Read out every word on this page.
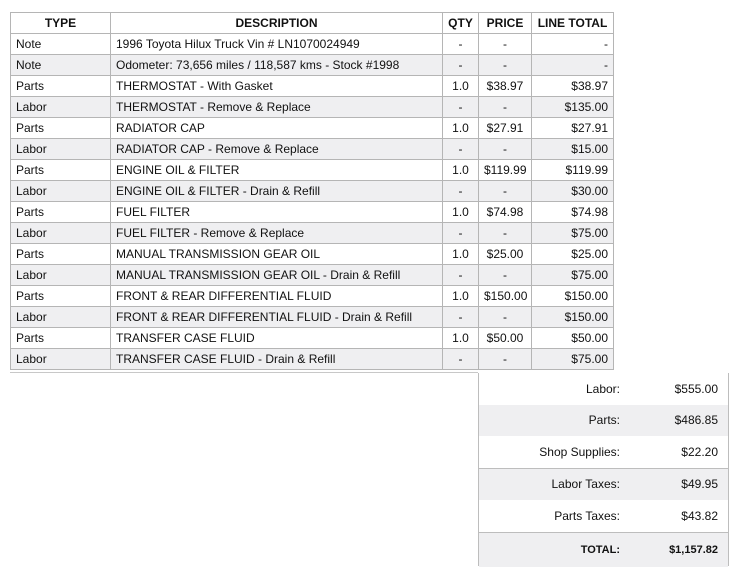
TYPE	DESCRIPTION	QTY	PRICE	LINE TOTAL
Note	1996 Toyota Hilux Truck Vin # LN1070024949	-	-	-
Note	Odometer: 73,656 miles / 118,587 kms - Stock #1998	-	-	-
Parts	THERMOSTAT - With Gasket	1.0	$38.97	$38.97
Labor	THERMOSTAT - Remove & Replace	-	-	$135.00
Parts	RADIATOR CAP	1.0	$27.91	$27.91
Labor	RADIATOR CAP - Remove & Replace	-	-	$15.00
Parts	ENGINE OIL & FILTER	1.0	$119.99	$119.99
Labor	ENGINE OIL & FILTER - Drain & Refill	-	-	$30.00
Parts	FUEL FILTER	1.0	$74.98	$74.98
Labor	FUEL FILTER - Remove & Replace	-	-	$75.00
Parts	MANUAL TRANSMISSION GEAR OIL	1.0	$25.00	$25.00
Labor	MANUAL TRANSMISSION GEAR OIL - Drain & Refill	-	-	$75.00
Parts	FRONT & REAR DIFFERENTIAL FLUID	1.0	$150.00	$150.00
Labor	FRONT & REAR DIFFERENTIAL FLUID - Drain & Refill	-	-	$150.00
Parts	TRANSFER CASE FLUID	1.0	$50.00	$50.00
Labor	TRANSFER CASE FLUID - Drain & Refill	-	-	$75.00
Labor:	$555.00
Parts:	$486.85
Shop Supplies:	$22.20
Labor Taxes:	$49.95
Parts Taxes:	$43.82
TOTAL:	$1,157.82
